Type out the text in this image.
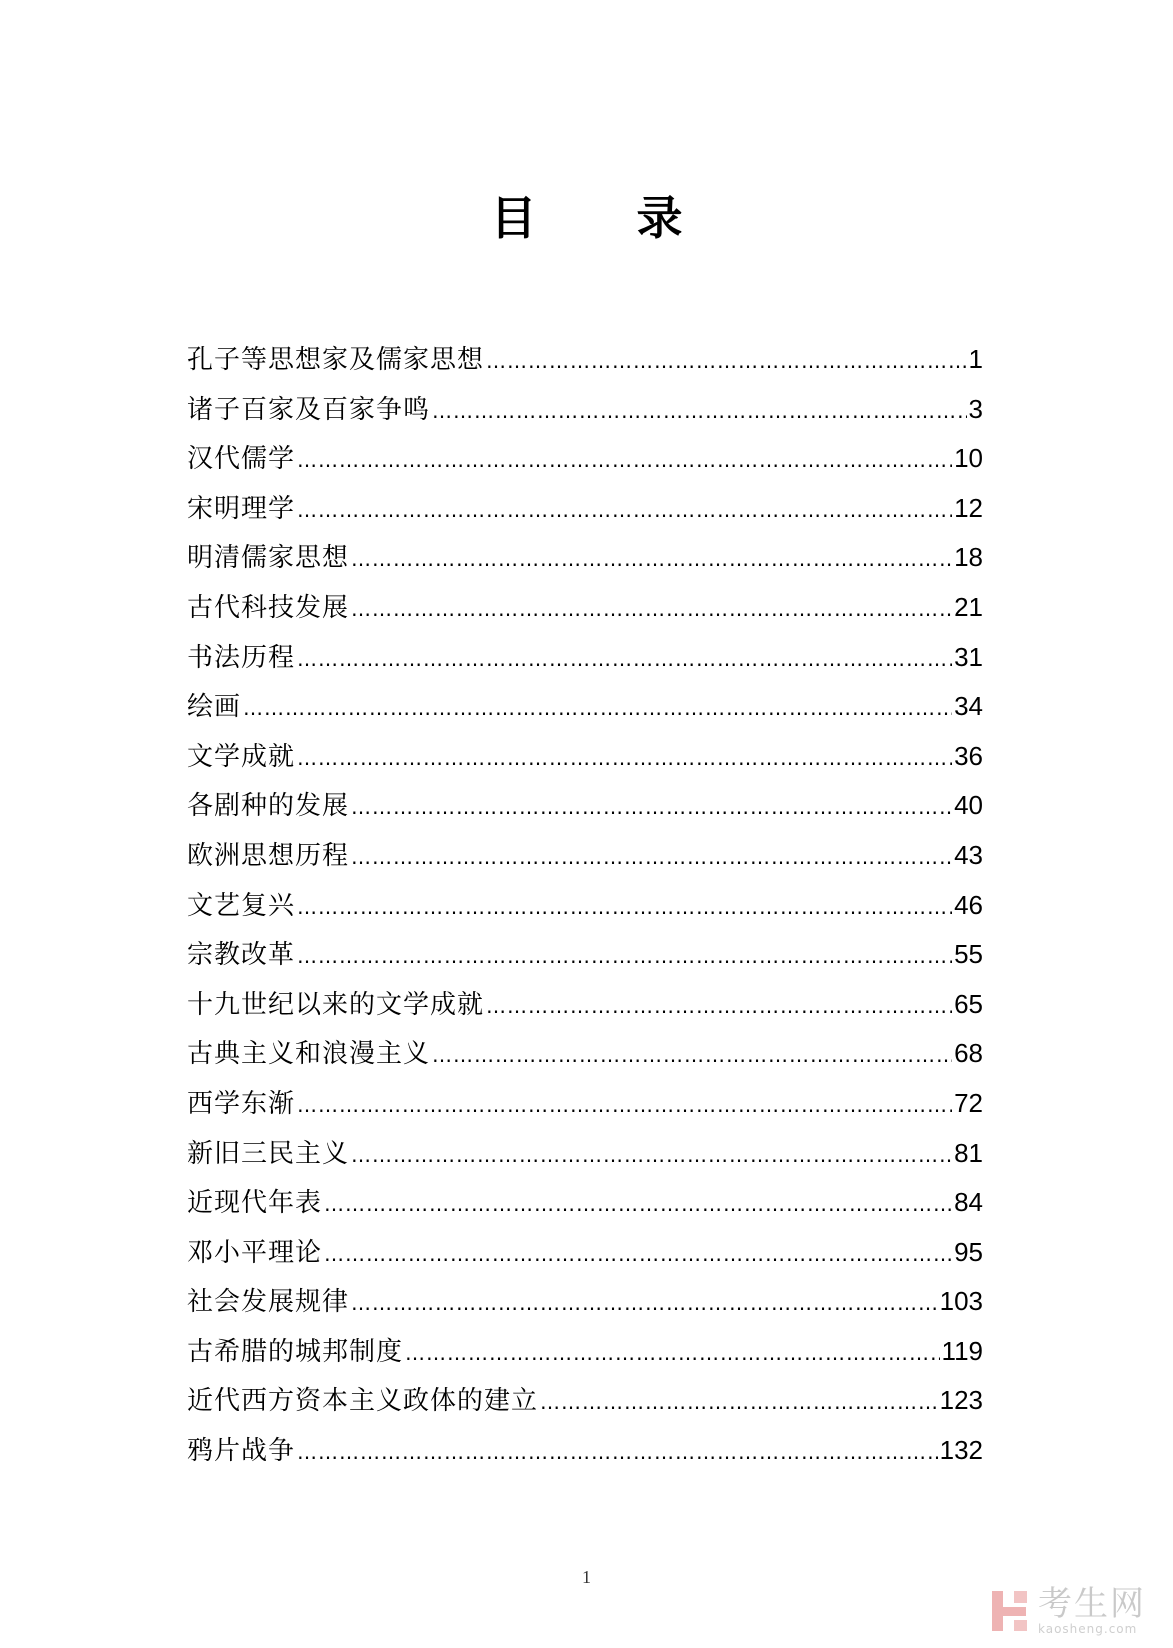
目 录
孔子等思想家及儒家思想 …………………………………………………………………………………………………………………………………………	1
诸子百家及百家争鸣 …………………………………………………………………………………………………………………………………………	3
汉代儒学 …………………………………………………………………………………………………………………………………………	10
宋明理学 …………………………………………………………………………………………………………………………………………	12
明清儒家思想 …………………………………………………………………………………………………………………………………………	18
古代科技发展 …………………………………………………………………………………………………………………………………………	21
书法历程 …………………………………………………………………………………………………………………………………………	31
绘画 …………………………………………………………………………………………………………………………………………	34
文学成就 …………………………………………………………………………………………………………………………………………	36
各剧种的发展 …………………………………………………………………………………………………………………………………………	40
欧洲思想历程 …………………………………………………………………………………………………………………………………………	43
文艺复兴 …………………………………………………………………………………………………………………………………………	46
宗教改革 …………………………………………………………………………………………………………………………………………	55
十九世纪以来的文学成就 …………………………………………………………………………………………………………………………………………	65
古典主义和浪漫主义 …………………………………………………………………………………………………………………………………………	68
西学东渐 …………………………………………………………………………………………………………………………………………	72
新旧三民主义 …………………………………………………………………………………………………………………………………………	81
近现代年表 …………………………………………………………………………………………………………………………………………	84
邓小平理论 …………………………………………………………………………………………………………………………………………	95
社会发展规律 …………………………………………………………………………………………………………………………………………	103
古希腊的城邦制度 …………………………………………………………………………………………………………………………………………	119
近代西方资本主义政体的建立 …………………………………………………………………………………………………………………………………………	123
鸦片战争 …………………………………………………………………………………………………………………………………………	132
1
考生网
kaosheng.com
